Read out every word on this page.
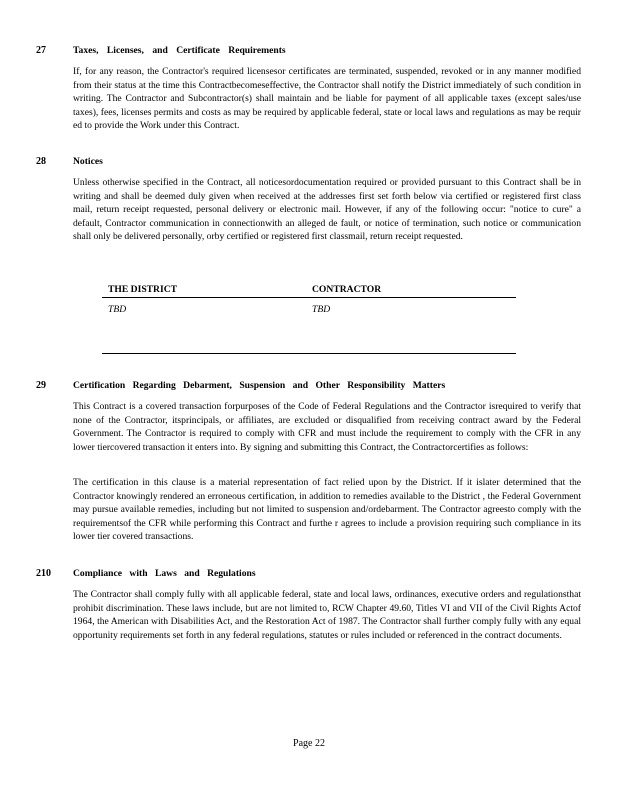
27	Taxes, Licenses, and Certificate Requirements

If, for any reason, the Contractor's required licensesor certificates are terminated, suspended, revoked or in any manner modified from their status at the time this Contractbecomeseffective, the Contractor shall notify the District immediately of such condition in writing. The Contractor and Subcontractor(s) shall maintain and be liable for payment of all applicable taxes (except sales/use taxes), fees, licenses permits and costs as may be required by applicable federal, state or local laws and regulations as may be requir ed to provide the Work under this Contract.

28	Notices

Unless otherwise specified in the Contract, all noticesordocumentation required or provided pursuant to this Contract shall be in writing and shall be deemed duly given when received at the addresses first set forth below via certified or registered first class mail, return receipt requested, personal delivery or electronic mail. However, if any of the following occur: "notice to cure" a default, Contractor communication in connectionwith an alleged de fault, or notice of termination, such notice or communication shall only be delivered personally, orby certified or registered first classmail, return receipt requested.

THE DISTRICT	CONTRACTOR
TBD	TBD
29	Certification Regarding Debarment, Suspension and Other Responsibility Matters

This Contract is a covered transaction forpurposes of the Code of Federal Regulations and the Contractor isrequired to verify that none of the Contractor, itsprincipals, or affiliates, are excluded or disqualified from receiving contract award by the Federal Government. The Contractor is required to comply with CFR and must include the requirement to comply with the CFR in any lower tiercovered transaction it enters into. By signing and submitting this Contract, the Contractorcertifies as follows:

The certification in this clause is a material representation of fact relied upon by the District. If it islater determined that the Contractor knowingly rendered an erroneous certification, in addition to remedies available to the District , the Federal Government may pursue available remedies, including but not limited to suspension and/ordebarment. The Contractor agreesto comply with the requirementsof the CFR while performing this Contract and furthe r agrees to include a provision requiring such compliance in its lower tier covered transactions.

210 Compliance with Laws and Regulations

The Contractor shall comply fully with all applicable federal, state and local laws, ordinances, executive orders and regulationsthat prohibit discrimination. These laws include, but are not limited to, RCW Chapter 49.60, Titles VI and VII of the Civil Rights Actof 1964, the American with Disabilities Act, and the Restoration Act of 1987. The Contractor shall further comply fully with any equal opportunity requirements set forth in any federal regulations, statutes or rules included or referenced in the contract documents.

Page 22
